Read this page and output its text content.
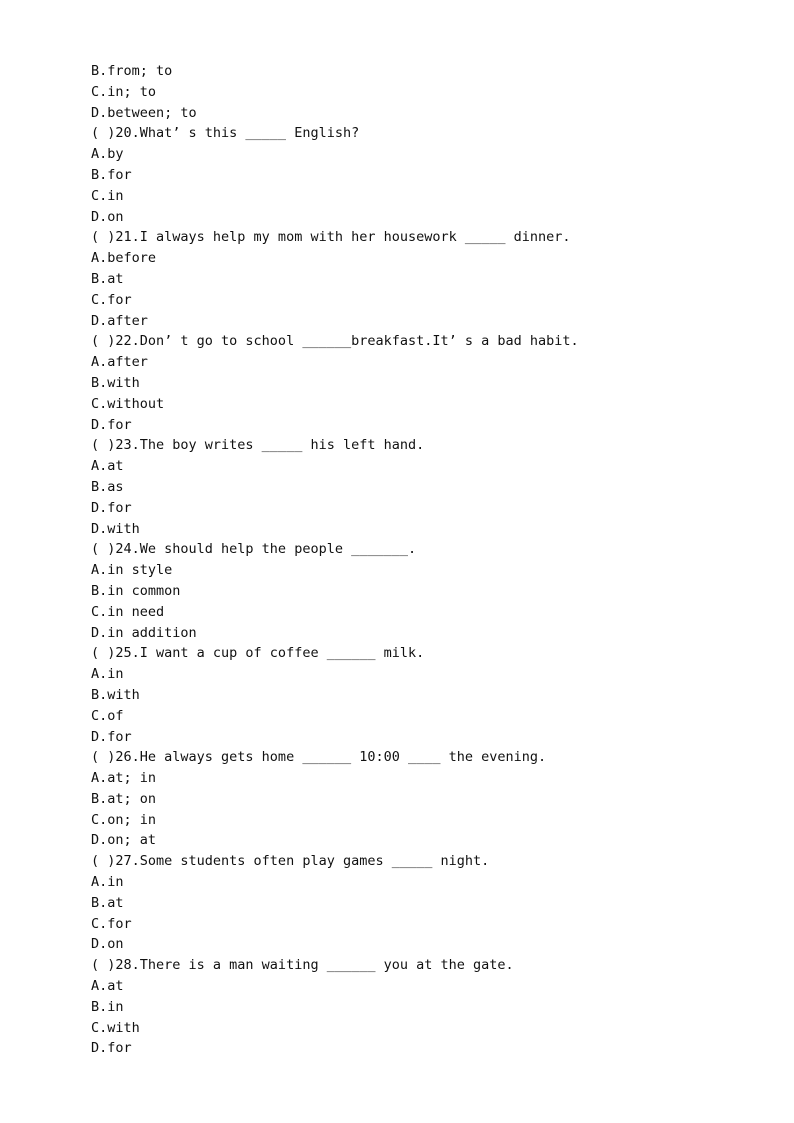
B.from; to
C.in; to
D.between; to
( )20.What’ s this _____ English?
A.by
B.for
C.in
D.on
( )21.I always help my mom with her housework _____ dinner.
A.before
B.at
C.for
D.after
( )22.Don’ t go to school ______breakfast.It’ s a bad habit.
A.after
B.with
C.without
D.for
( )23.The boy writes _____ his left hand.
A.at
B.as
D.for
D.with
( )24.We should help the people _______.
A.in style
B.in common
C.in need
D.in addition
( )25.I want a cup of coffee ______ milk.
A.in
B.with
C.of
D.for
( )26.He always gets home ______ 10:00 ____ the evening.
A.at; in
B.at; on
C.on; in
D.on; at
( )27.Some students often play games _____ night.
A.in
B.at
C.for
D.on
( )28.There is a man waiting ______ you at the gate.
A.at
B.in
C.with
D.for
